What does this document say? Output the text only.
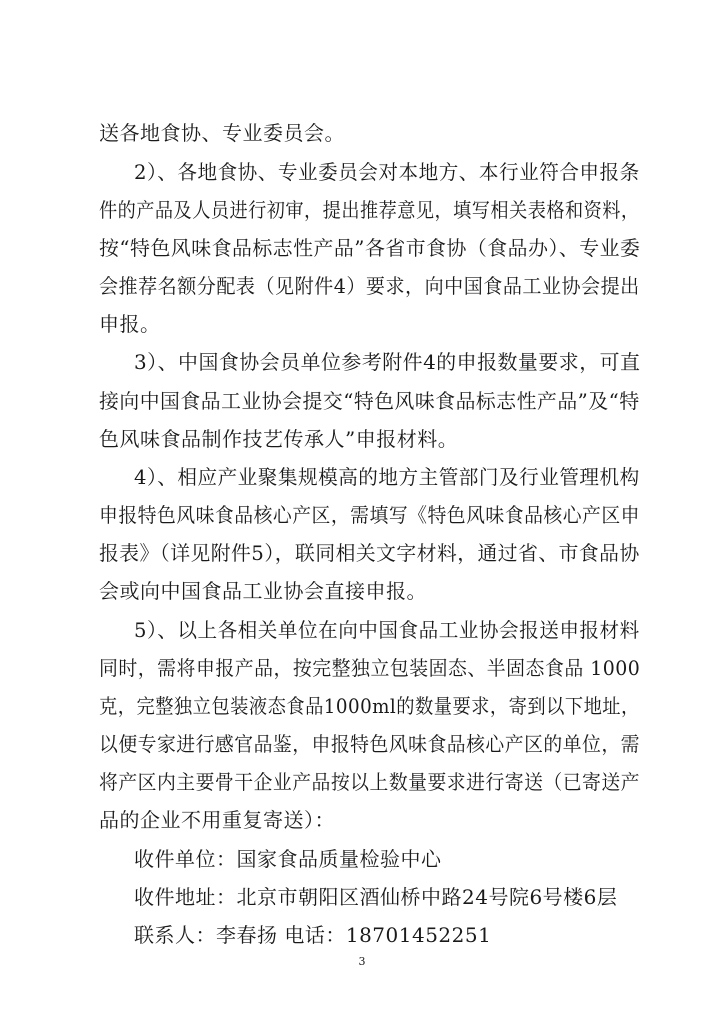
送各地食协、专业委员会。
2）、各地食协、专业委员会对本地方、本行业符合申报条
件的产品及人员进行初审，提出推荐意见，填写相关表格和资料，
按“特色风味食品标志性产品”各省市食协（食品办）、专业委
会推荐名额分配表（见附件4）要求，向中国食品工业协会提出
申报。
3）、中国食协会员单位参考附件4的申报数量要求，可直
接向中国食品工业协会提交“特色风味食品标志性产品”及“特
色风味食品制作技艺传承人”申报材料。
4）、相应产业聚集规模高的地方主管部门及行业管理机构
申报特色风味食品核心产区，需填写《特色风味食品核心产区申
报表》（详见附件5），联同相关文字材料，通过省、市食品协
会或向中国食品工业协会直接申报。
5）、以上各相关单位在向中国食品工业协会报送申报材料
同时，需将申报产品，按完整独立包装固态、半固态食品 1000
克，完整独立包装液态食品1000ml的数量要求，寄到以下地址，
以便专家进行感官品鉴，申报特色风味食品核心产区的单位，需
将产区内主要骨干企业产品按以上数量要求进行寄送（已寄送产
品的企业不用重复寄送）：
收件单位：国家食品质量检验中心
收件地址：北京市朝阳区酒仙桥中路24号院6号楼6层
联系人：李春扬 电话：18701452251
3
